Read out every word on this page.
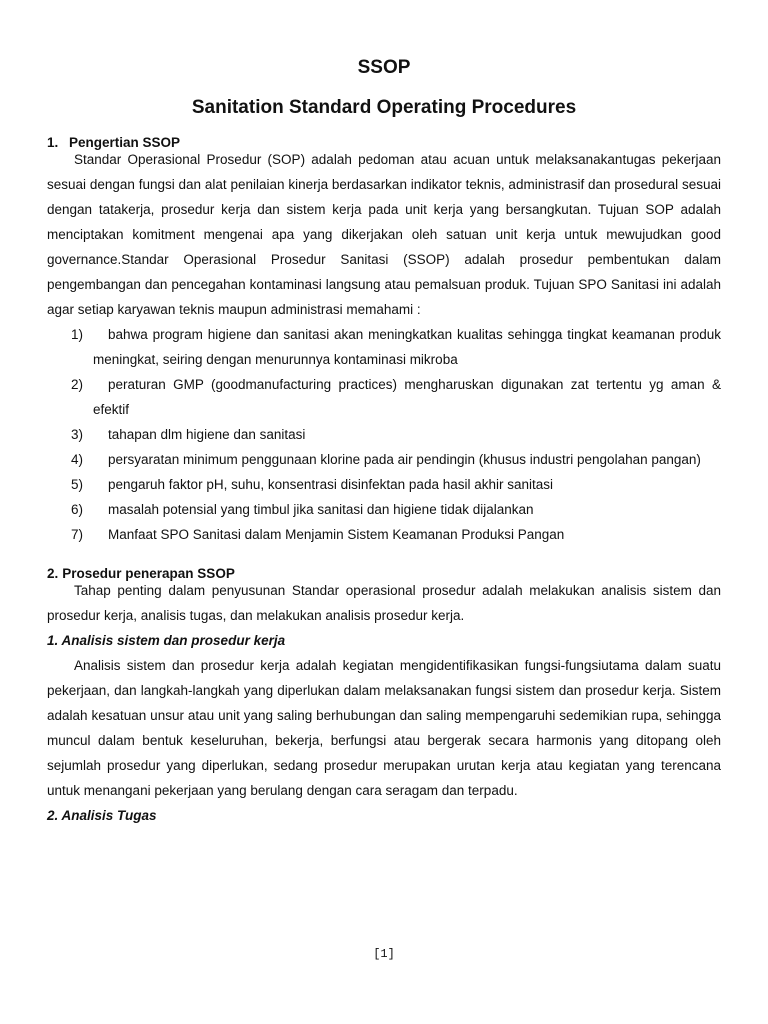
SSOP
Sanitation Standard Operating Procedures

1. Pengertian SSOP

Standar Operasional Prosedur (SOP) adalah pedoman atau acuan untuk melaksanakantugas pekerjaan sesuai dengan fungsi dan alat penilaian kinerja berdasarkan indikator teknis, administrasif dan prosedural sesuai dengan tatakerja, prosedur kerja dan sistem kerja pada unit kerja yang bersangkutan. Tujuan SOP adalah menciptakan komitment mengenai apa yang dikerjakan oleh satuan unit kerja untuk mewujudkan good governance.Standar Operasional Prosedur Sanitasi (SSOP) adalah prosedur pembentukan dalam pengembangan dan pencegahan kontaminasi langsung atau pemalsuan produk. Tujuan SPO Sanitasi ini adalah agar setiap karyawan teknis maupun administrasi memahami :

1)	bahwa program higiene dan sanitasi akan meningkatkan kualitas sehingga tingkat keamanan produk meningkat, seiring dengan menurunnya kontaminasi mikroba
2)	peraturan GMP (goodmanufacturing practices) mengharuskan digunakan zat tertentu yg aman & efektif
3)	tahapan dlm higiene dan sanitasi
4)	persyaratan minimum penggunaan klorine pada air pendingin (khusus industri pengolahan pangan)
5)	pengaruh faktor pH, suhu, konsentrasi disinfektan pada hasil akhir sanitasi
6)	masalah potensial yang timbul jika sanitasi dan higiene tidak dijalankan
7)	Manfaat SPO Sanitasi dalam Menjamin Sistem Keamanan Produksi Pangan

2. Prosedur penerapan SSOP

Tahap penting dalam penyusunan Standar operasional prosedur adalah melakukan analisis sistem dan prosedur kerja, analisis tugas, dan melakukan analisis prosedur kerja.

1. Analisis sistem dan prosedur kerja

Analisis sistem dan prosedur kerja adalah kegiatan mengidentifikasikan fungsi-fungsiutama dalam suatu pekerjaan, dan langkah-langkah yang diperlukan dalam melaksanakan fungsi sistem dan prosedur kerja. Sistem adalah kesatuan unsur atau unit yang saling berhubungan dan saling mempengaruhi sedemikian rupa, sehingga muncul dalam bentuk keseluruhan, bekerja, berfungsi atau bergerak secara harmonis yang ditopang oleh sejumlah prosedur yang diperlukan, sedang prosedur merupakan urutan kerja atau kegiatan yang terencana untuk menangani pekerjaan yang berulang dengan cara seragam dan terpadu.

2. Analisis Tugas

[1]
